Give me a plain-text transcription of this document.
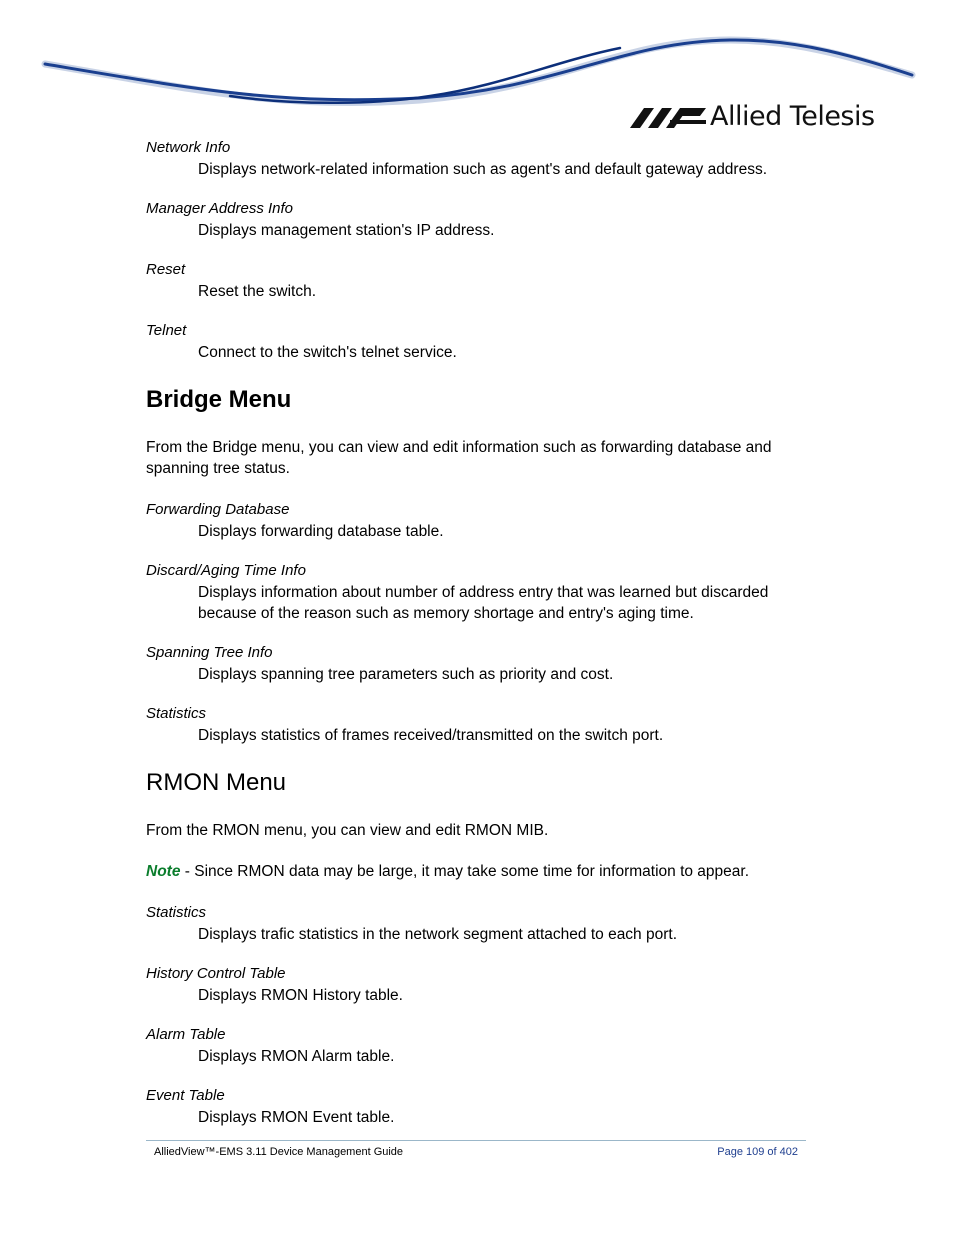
Allied Telesis

Network Info

Displays network-related information such as agent's and default gateway address.

Manager Address Info

Displays management station's IP address.

Reset

Reset the switch.

Telnet

Connect to the switch's telnet service.

Bridge Menu

From the Bridge menu, you can view and edit information such as forwarding database and spanning tree status.

Forwarding Database

Displays forwarding database table.

Discard/Aging Time Info

Displays information about number of address entry that was learned but discarded because of the reason such as memory shortage and entry's aging time.

Spanning Tree Info

Displays spanning tree parameters such as priority and cost.

Statistics

Displays statistics of frames received/transmitted on the switch port.

RMON Menu

From the RMON menu, you can view and edit RMON MIB.

Note - Since RMON data may be large, it may take some time for information to appear.

Statistics

Displays trafic statistics in the network segment attached to each port.

History Control Table

Displays RMON History table.

Alarm Table

Displays RMON Alarm table.

Event Table

Displays RMON Event table.

AlliedView™-EMS 3.11 Device Management Guide	Page 109 of 402
